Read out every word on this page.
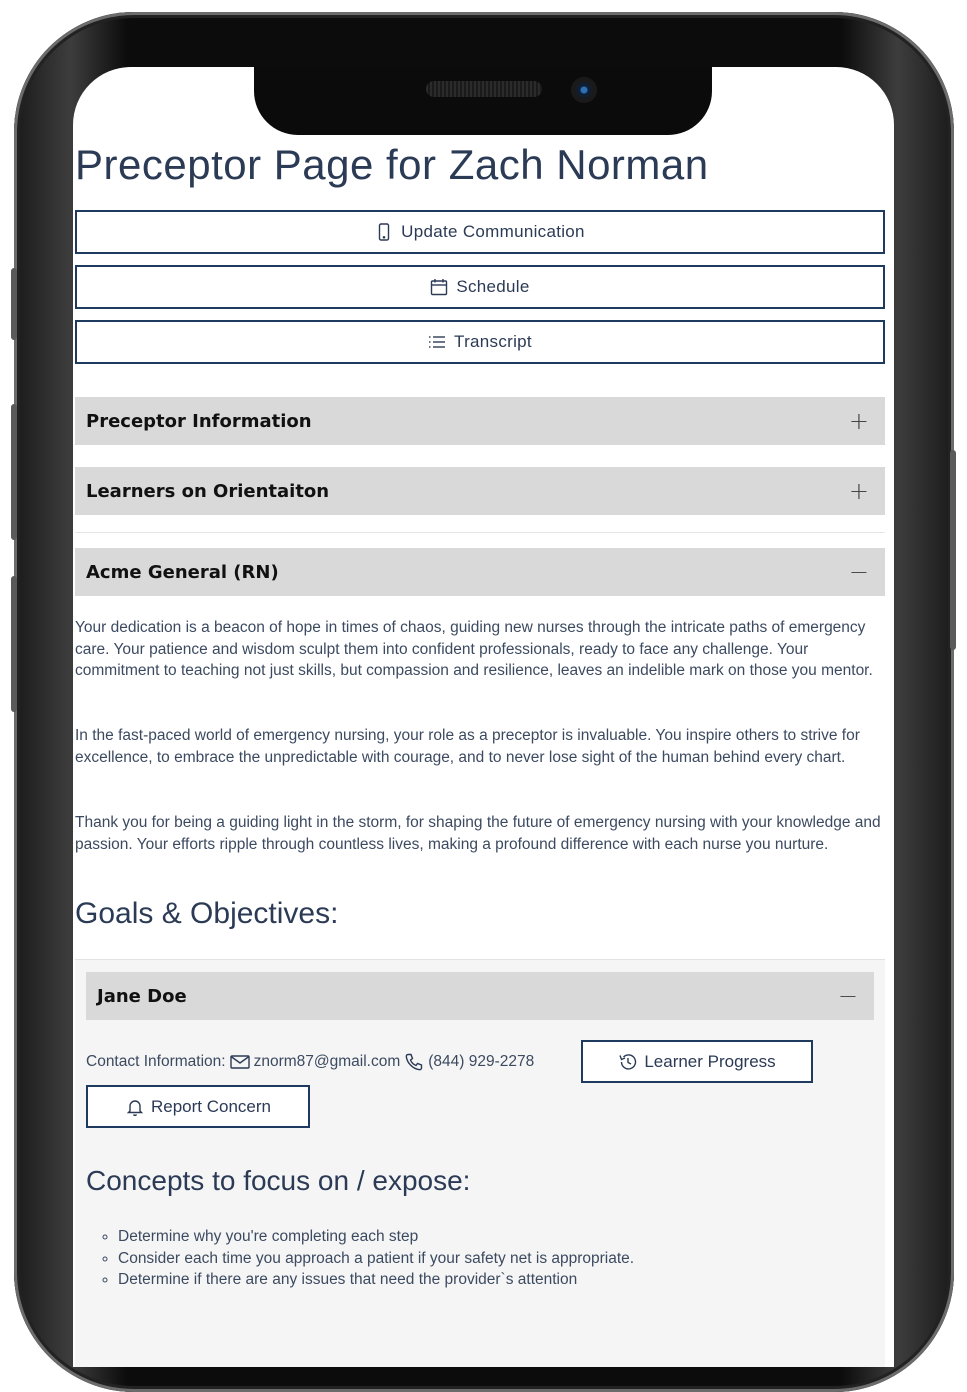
Preceptor Page for Zach Norman
Update Communication
Schedule
Transcript
Preceptor Information	+
Learners on Orientaiton	+
Acme General (RN)	−

Your dedication is a beacon of hope in times of chaos, guiding new nurses through the intricate paths of emergency care. Your patience and wisdom sculpt them into confident professionals, ready to face any challenge. Your commitment to teaching not just skills, but compassion and resilience, leaves an indelible mark on those you mentor.

In the fast-paced world of emergency nursing, your role as a preceptor is invaluable. You inspire others to strive for excellence, to embrace the unpredictable with courage, and to never lose sight of the human behind every chart.

Thank you for being a guiding light in the storm, for shaping the future of emergency nursing with your knowledge and passion. Your efforts ripple through countless lives, making a profound difference with each nurse you nurture.

Goals & Objectives:
Jane Doe	−
Contact Information: znorm87@gmail.com (844) 929-2278	Learner Progress
Report Concern
Concepts to focus on / expose:
◦ Determine why you're completing each step
◦ Consider each time you approach a patient if your safety net is appropriate.
◦ Determine if there are any issues that need the provider`s attention
